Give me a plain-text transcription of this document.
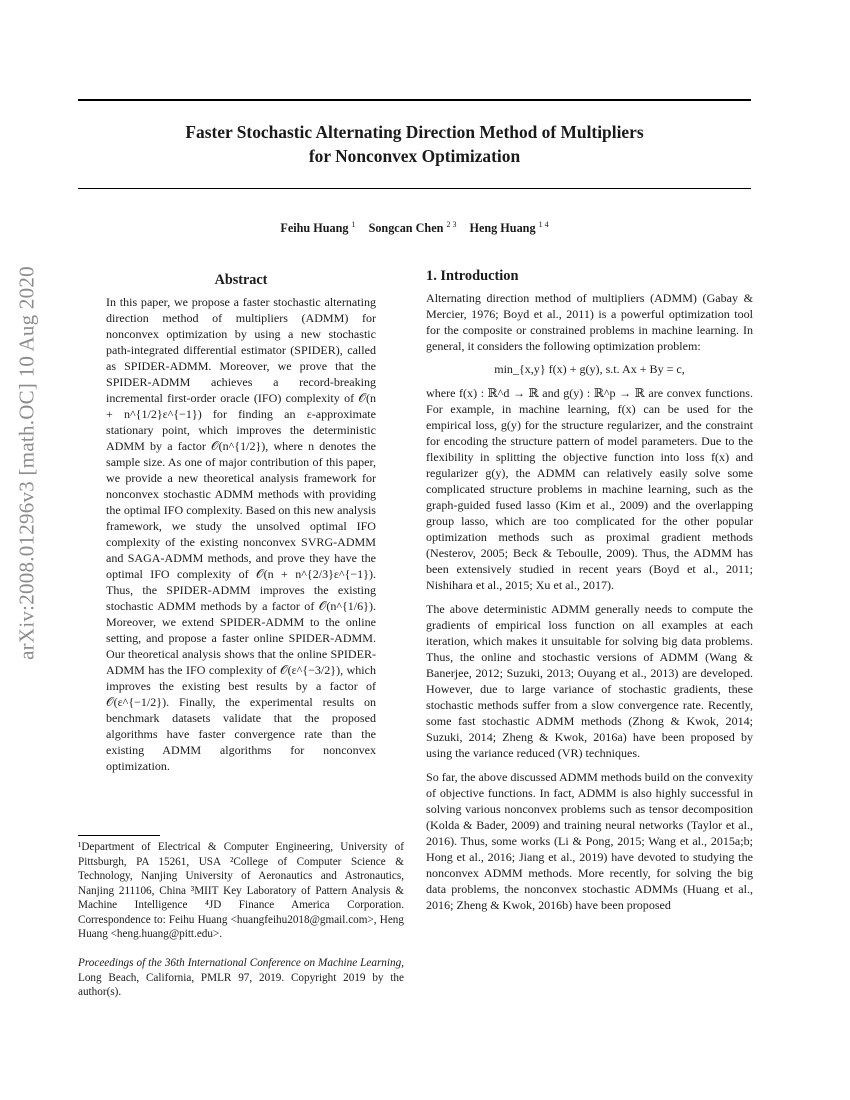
Faster Stochastic Alternating Direction Method of Multipliers
for Nonconvex Optimization
Feihu Huang $^1$ Songcan Chen $^{2 3}$ Heng Huang $^{1 4}$
arXiv:2008.01296v3 [math.OC] 10 Aug 2020	Abstract

In this paper, we propose a faster stochastic alternating direction method of multipliers (ADMM) for nonconvex optimization by using a new stochastic path-integrated differential estimator (SPIDER), called as SPIDER-ADMM. Moreover, we prove that the SPIDER-ADMM achieves a record-breaking incremental first-order oracle (IFO) complexity of 𝒪(n + n^{1/2}ε^{−1}) for finding an ε-approximate stationary point, which improves the deterministic ADMM by a factor 𝒪(n^{1/2}), where n denotes the sample size. As one of major contribution of this paper, we provide a new theoretical analysis framework for nonconvex stochastic ADMM methods with providing the optimal IFO complexity. Based on this new analysis framework, we study the unsolved optimal IFO complexity of the existing nonconvex SVRG-ADMM and SAGA-ADMM methods, and prove they have the optimal IFO complexity of 𝒪(n + n^{2/3}ε^{−1}). Thus, the SPIDER-ADMM improves the existing stochastic ADMM methods by a factor of 𝒪(n^{1/6}). Moreover, we extend SPIDER-ADMM to the online setting, and propose a faster online SPIDER-ADMM. Our theoretical analysis shows that the online SPIDER-ADMM has the IFO complexity of 𝒪(ε^{−3/2}), which improves the existing best results by a factor of 𝒪(ε^{−1/2}). Finally, the experimental results on benchmark datasets validate that the proposed algorithms have faster convergence rate than the existing ADMM algorithms for nonconvex optimization.

¹Department of Electrical & Computer Engineering, University of Pittsburgh, PA 15261, USA ²College of Computer Science & Technology, Nanjing University of Aeronautics and Astronautics, Nanjing 211106, China ³MIIT Key Laboratory of Pattern Analysis & Machine Intelligence ⁴JD Finance America Corporation. Correspondence to: Feihu Huang <huangfeihu2018@gmail.com>, Heng Huang <heng.huang@pitt.edu>.

Proceedings of the 36th International Conference on Machine Learning, Long Beach, California, PMLR 97, 2019. Copyright 2019 by the author(s).

1. Introduction

Alternating direction method of multipliers (ADMM) (Gabay & Mercier, 1976; Boyd et al., 2011) is a powerful optimization tool for the composite or constrained problems in machine learning. In general, it considers the following optimization problem:

min_{x,y} f(x) + g(y), s.t. Ax + By = c,

where f(x) : ℝ^d → ℝ and g(y) : ℝ^p → ℝ are convex functions. For example, in machine learning, f(x) can be used for the empirical loss, g(y) for the structure regularizer, and the constraint for encoding the structure pattern of model parameters. Due to the flexibility in splitting the objective function into loss f(x) and regularizer g(y), the ADMM can relatively easily solve some complicated structure problems in machine learning, such as the graph-guided fused lasso (Kim et al., 2009) and the overlapping group lasso, which are too complicated for the other popular optimization methods such as proximal gradient methods (Nesterov, 2005; Beck & Teboulle, 2009). Thus, the ADMM has been extensively studied in recent years (Boyd et al., 2011; Nishihara et al., 2015; Xu et al., 2017).

The above deterministic ADMM generally needs to compute the gradients of empirical loss function on all examples at each iteration, which makes it unsuitable for solving big data problems. Thus, the online and stochastic versions of ADMM (Wang & Banerjee, 2012; Suzuki, 2013; Ouyang et al., 2013) are developed. However, due to large variance of stochastic gradients, these stochastic methods suffer from a slow convergence rate. Recently, some fast stochastic ADMM methods (Zhong & Kwok, 2014; Suzuki, 2014; Zheng & Kwok, 2016a) have been proposed by using the variance reduced (VR) techniques.

So far, the above discussed ADMM methods build on the convexity of objective functions. In fact, ADMM is also highly successful in solving various nonconvex problems such as tensor decomposition (Kolda & Bader, 2009) and training neural networks (Taylor et al., 2016). Thus, some works (Li & Pong, 2015; Wang et al., 2015a;b; Hong et al., 2016; Jiang et al., 2019) have devoted to studying the nonconvex ADMM methods. More recently, for solving the big data problems, the nonconvex stochastic ADMMs (Huang et al., 2016; Zheng & Kwok, 2016b) have been proposed
